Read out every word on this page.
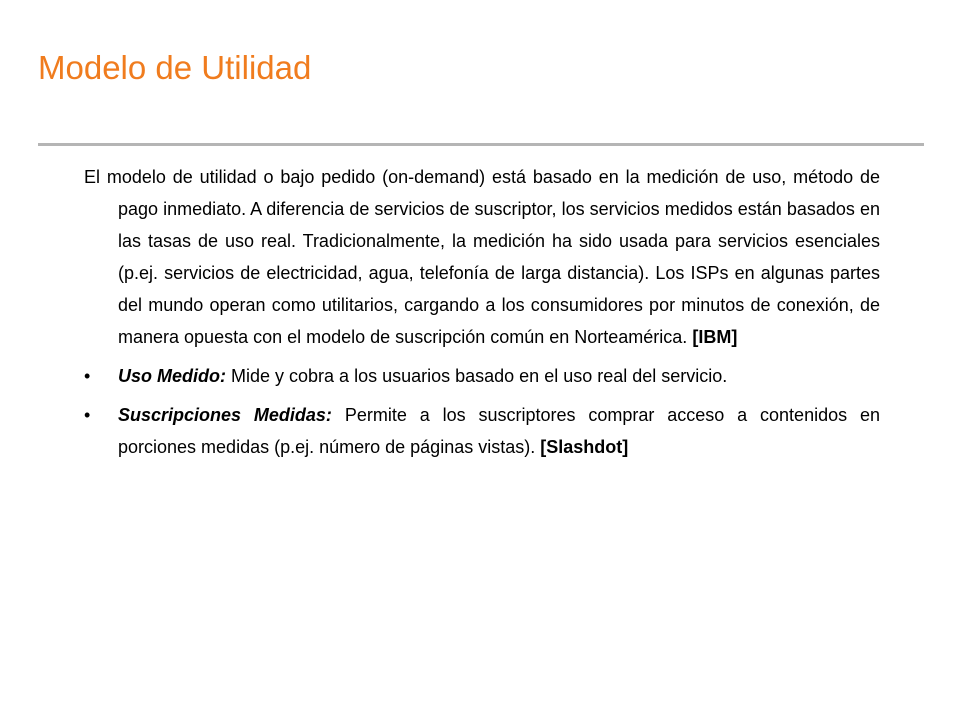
Modelo de Utilidad

El modelo de utilidad o bajo pedido (on-demand) está basado en la medición de uso, método de pago inmediato. A diferencia de servicios de suscriptor, los servicios medidos están basados en las tasas de uso real. Tradicionalmente, la medición ha sido usada para servicios esenciales (p.ej. servicios de electricidad, agua, telefonía de larga distancia). Los ISPs en algunas partes del mundo operan como utilitarios, cargando a los consumidores por minutos de conexión, de manera opuesta con el modelo de suscripción común en Norteamérica. [IBM]

•	Uso Medido: Mide y cobra a los usuarios basado en el uso real del servicio.
•	Suscripciones Medidas: Permite a los suscriptores comprar acceso a contenidos en porciones medidas (p.ej. número de páginas vistas). [Slashdot]
